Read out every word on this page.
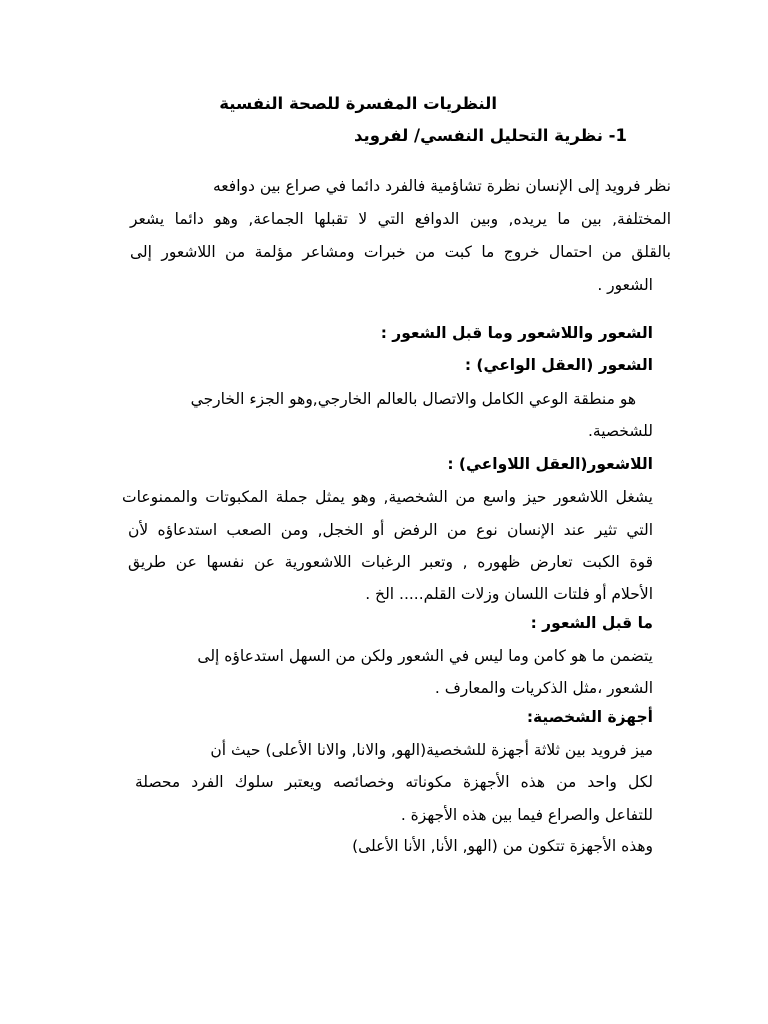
النظريات المفسرة للصحة النفسية

1- نظرية التحليل النفسي/ لفرويد

نظر فرويد إلى الإنسان نظرة تشاؤمية فالفرد دائما في صراع بين دوافعه

المختلفة, بين ما يريده, وبين الدوافع التي لا تقبلها الجماعة, وهو دائما يشعر

بالقلق من احتمال خروج ما كبت من خبرات ومشاعر مؤلمة من اللاشعور إلى

الشعور .

الشعور واللاشعور وما قبل الشعور :

الشعور (العقل الواعي) :

هو منطقة الوعي الكامل والاتصال بالعالم الخارجي,وهو الجزء الخارجي

للشخصية.

اللاشعور(العقل اللاواعي) :

يشغل اللاشعور حيز واسع من الشخصية, وهو يمثل جملة المكبوتات والممنوعات

التي تثير عند الإنسان نوع من الرفض أو الخجل, ومن الصعب استدعاؤه لأن

قوة الكبت تعارض ظهوره , وتعبر الرغبات اللاشعورية عن نفسها عن طريق

الأحلام أو فلتات اللسان وزلات القلم..... الخ .

ما قبل الشعور :

يتضمن ما هو كامن وما ليس في الشعور ولكن من السهل استدعاؤه إلى

الشعور ،مثل الذكريات والمعارف .

أجهزة الشخصية:

ميز فرويد بين ثلاثة أجهزة للشخصية(الهو, والانا, والانا الأعلى) حيث أن

لكل واحد من هذه الأجهزة مكوناته وخصائصه ويعتبر سلوك الفرد محصلة

للتفاعل والصراع فيما بين هذه الأجهزة .

وهذه الأجهزة تتكون من (الهو, الأنا, الأنا الأعلى)
